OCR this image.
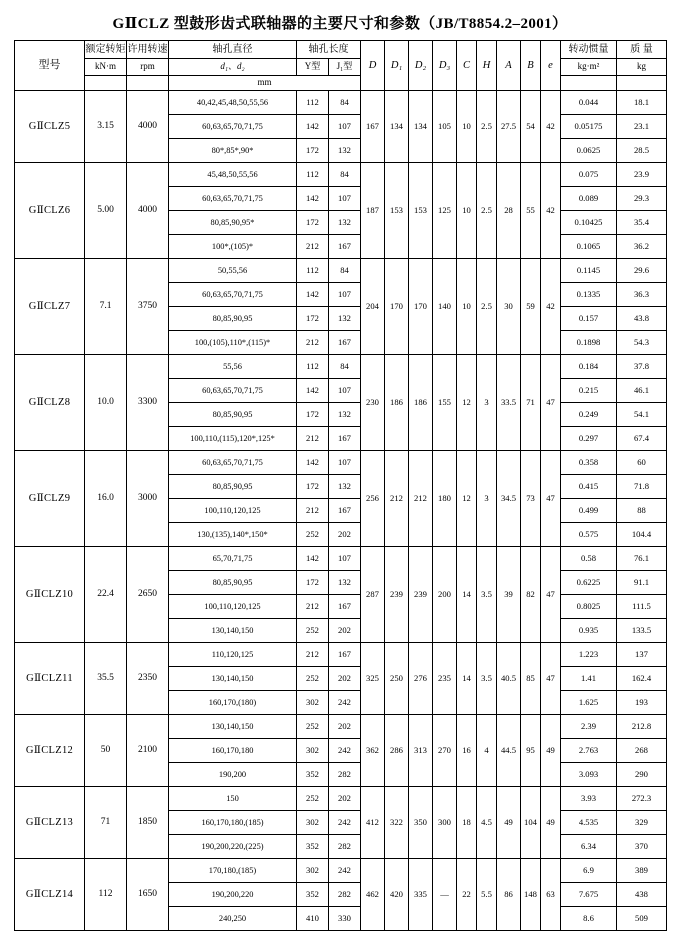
GⅡCLZ 型鼓形齿式联轴器的主要尺寸和参数（JB/T8854.2–2001）
型号	额定转矩	许用转速	轴孔直径	轴孔长度		D	D₁	D₂	D₃	C	H	A	B	e	转动惯量	质 量
	kN·m	rpm	d₁、d₂	Y型	J₁型										kg·m²	kg
			mm													
GⅡCLZ5	3.15	4000	40,42,45,48,50,55,56	112	84	167	134	134	105	10	2.5	27.5	54	42	0.044	18.1
			60,63,65,70,71,75	142	107										0.05175	23.1
			80*,85*,90*	172	132										0.0625	28.5
GⅡCLZ6	5.00	4000	45,48,50,55,56	112	84	187	153	153	125	10	2.5	28	55	42	0.075	23.9
			60,63,65,70,71,75	142	107										0.089	29.3
			80,85,90,95*	172	132										0.10425	35.4
			100*,(105)*	212	167										0.1065	36.2
GⅡCLZ7	7.1	3750	50,55,56	112	84	204	170	170	140	10	2.5	30	59	42	0.1145	29.6
			60,63,65,70,71,75	142	107										0.1335	36.3
			80,85,90,95	172	132										0.157	43.8
			100,(105),110*,(115)*	212	167										0.1898	54.3
GⅡCLZ8	10.0	3300	55,56	112	84	230	186	186	155	12	3	33.5	71	47	0.184	37.8
			60,63,65,70,71,75	142	107										0.215	46.1
			80,85,90,95	172	132										0.249	54.1
			100,110,(115),120*,125*	212	167										0.297	67.4
GⅡCLZ9	16.0	3000	60,63,65,70,71,75	142	107	256	212	212	180	12	3	34.5	73	47	0.358	60
			80,85,90,95	172	132										0.415	71.8
			100,110,120,125	212	167										0.499	88
			130,(135),140*,150*	252	202										0.575	104.4
GⅡCLZ10	22.4	2650	65,70,71,75	142	107	287	239	239	200	14	3.5	39	82	47	0.58	76.1
			80,85,90,95	172	132										0.6225	91.1
			100,110,120,125	212	167										0.8025	111.5
			130,140,150	252	202										0.935	133.5
GⅡCLZ11	35.5	2350	110,120,125	212	167	325	250	276	235	14	3.5	40.5	85	47	1.223	137
			130,140,150	252	202										1.41	162.4
			160,170,(180)	302	242										1.625	193
GⅡCLZ12	50	2100	130,140,150	252	202	362	286	313	270	16	4	44.5	95	49	2.39	212.8
			160,170,180	302	242										2.763	268
			190,200	352	282										3.093	290
GⅡCLZ13	71	1850	150	252	202	412	322	350	300	18	4.5	49	104	49	3.93	272.3
			160,170,180,(185)	302	242										4.535	329
			190,200,220,(225)	352	282										6.34	370
GⅡCLZ14	112	1650	170,180,(185)	302	242	462	420	335	—	22	5.5	86	148	63	6.9	389
			190,200,220	352	282										7.675	438
			240,250	410	330										8.6	509
